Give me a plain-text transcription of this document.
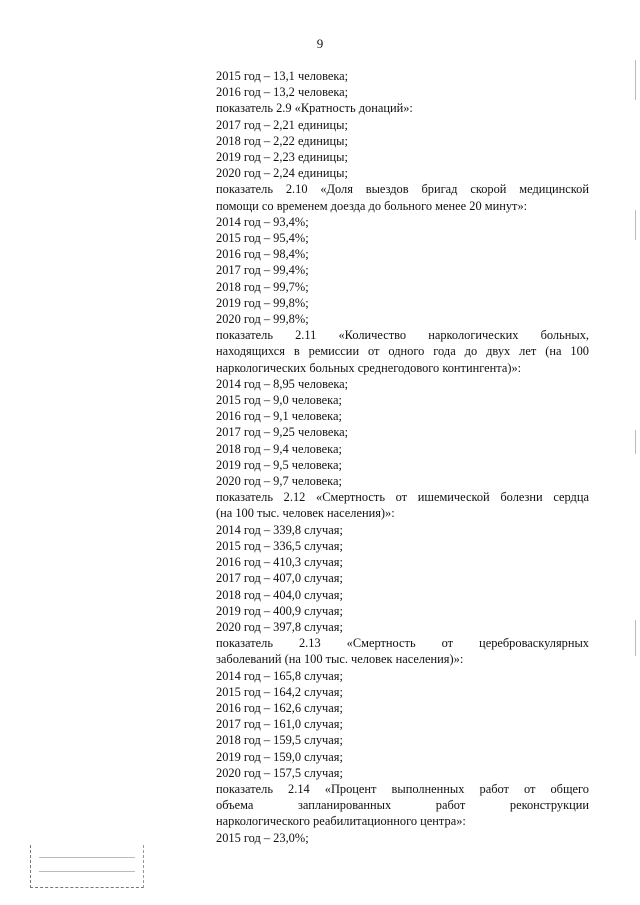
9
2015 год – 13,1 человека;
2016 год – 13,2 человека;
показатель 2.9 «Кратность донаций»:
2017 год – 2,21 единицы;
2018 год – 2,22 единицы;
2019 год – 2,23 единицы;
2020 год – 2,24 единицы;
показатель 2.10 «Доля выездов бригад скорой медицинской
помощи со временем доезда до больного менее 20 минут»:
2014 год – 93,4%;
2015 год – 95,4%;
2016 год – 98,4%;
2017 год – 99,4%;
2018 год – 99,7%;
2019 год – 99,8%;
2020 год – 99,8%;
показатель 2.11 «Количество наркологических больных,
находящихся в ремиссии от одного года до двух лет (на 100
наркологических больных среднегодового контингента)»:
2014 год – 8,95 человека;
2015 год – 9,0 человека;
2016 год – 9,1 человека;
2017 год – 9,25 человека;
2018 год – 9,4 человека;
2019 год – 9,5 человека;
2020 год – 9,7 человека;
показатель 2.12 «Смертность от ишемической болезни сердца
(на 100 тыс. человек населения)»:
2014 год – 339,8 случая;
2015 год – 336,5 случая;
2016 год – 410,3 случая;
2017 год – 407,0 случая;
2018 год – 404,0 случая;
2019 год – 400,9 случая;
2020 год – 397,8 случая;
показатель 2.13 «Смертность от цереброваскулярных
заболеваний (на 100 тыс. человек населения)»:
2014 год – 165,8 случая;
2015 год – 164,2 случая;
2016 год – 162,6 случая;
2017 год – 161,0 случая;
2018 год – 159,5 случая;
2019 год – 159,0 случая;
2020 год – 157,5 случая;
показатель 2.14 «Процент выполненных работ от общего
объема запланированных работ реконструкции
наркологического реабилитационного центра»:
2015 год – 23,0%;
